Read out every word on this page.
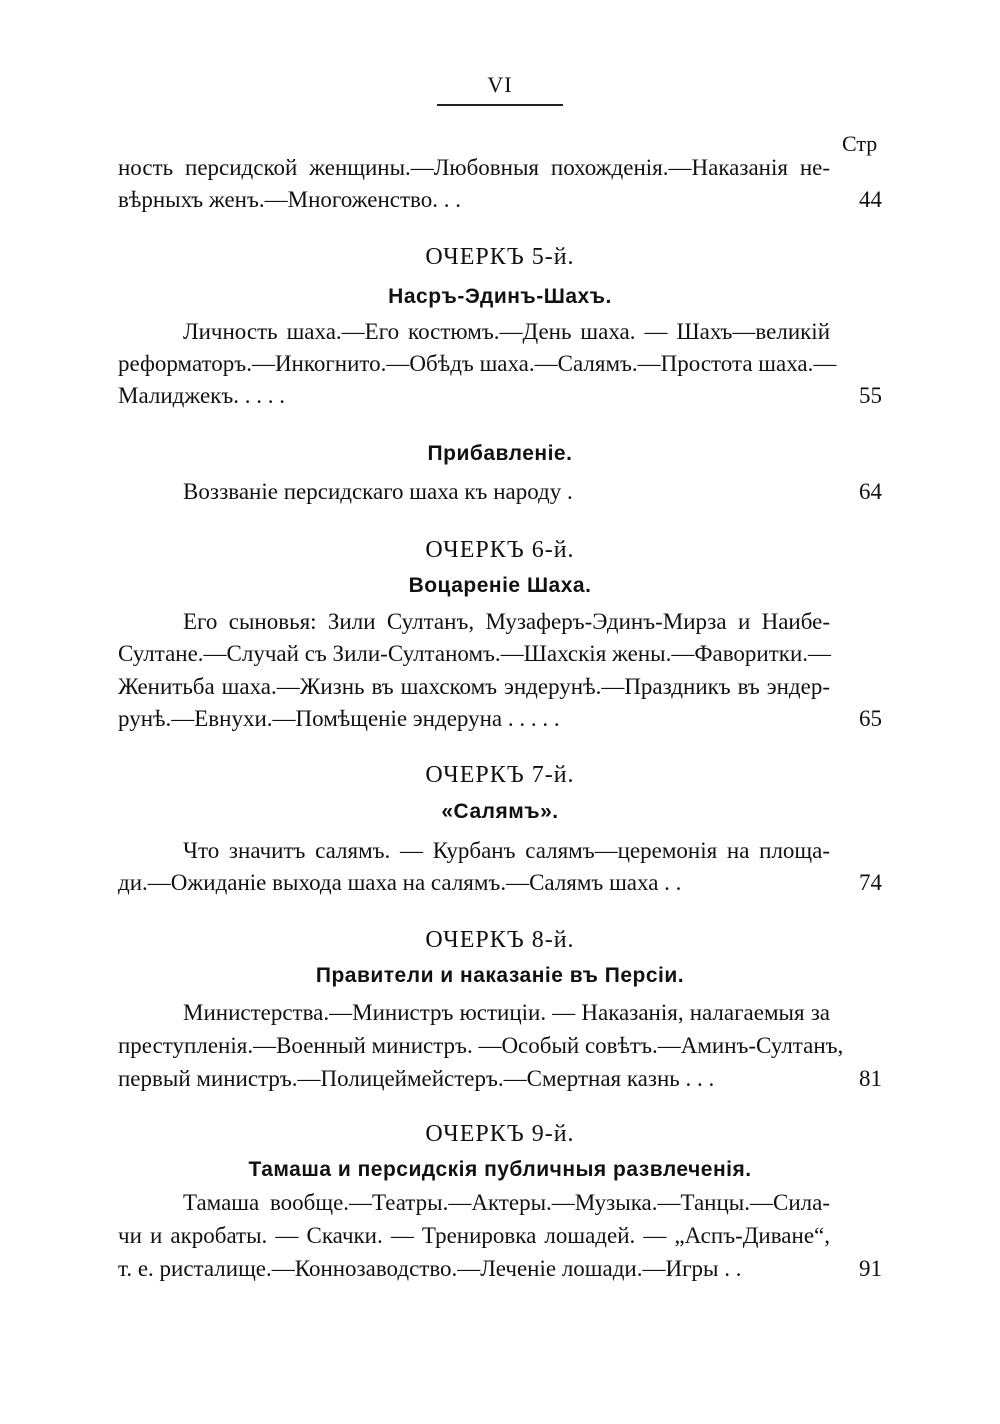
VI
Стр
ность персидской женщины.—Любовныя похожденія.—Наказанія не-
вѣрныхъ женъ.—Многоженство. . .	44
ОЧЕРКЪ 5-й.
Насръ-Эдинъ-Шахъ.
Личность шаха.—Его костюмъ.—День шаха. — Шахъ—великій
реформаторъ.—Инкогнито.—Обѣдъ шаха.—Салямъ.—Простота шаха.—
Малиджекъ. . . . .	55
Прибавленіе.
Воззваніе персидскаго шаха къ народу .	64
ОЧЕРКЪ 6-й.
Воцареніе Шаха.
Его сыновья: Зили Султанъ, Музаферъ-Эдинъ-Мирза и Наибе-
Султане.—Случай съ Зили-Султаномъ.—Шахскія жены.—Фаворитки.—
Женитьба шаха.—Жизнь въ шахскомъ эндерунѣ.—Праздникъ въ эндер-
рунѣ.—Евнухи.—Помѣщеніе эндеруна . . . . .	65
ОЧЕРКЪ 7-й.
«Салямъ».
Что значитъ салямъ. — Курбанъ салямъ—церемонія на площа-
ди.—Ожиданіе выхода шаха на салямъ.—Салямъ шаха . .	74
ОЧЕРКЪ 8-й.
Правители и наказаніе въ Персіи.
Министерства.—Министръ юстиціи. — Наказанія, налагаемыя за
преступленія.—Военный министръ. —Особый совѣтъ.—Аминъ-Султанъ,
первый министръ.—Полицеймейстеръ.—Смертная казнь . . .	81
ОЧЕРКЪ 9-й.
Тамаша и персидскія публичныя развлеченія.
Тамаша вообще.—Театры.—Актеры.—Музыка.—Танцы.—Сила-
чи и акробаты. — Скачки. — Тренировка лошадей. — „Аспъ-Диване“,
т. е. ристалище.—Коннозаводство.—Леченіе лошади.—Игры . .	91
